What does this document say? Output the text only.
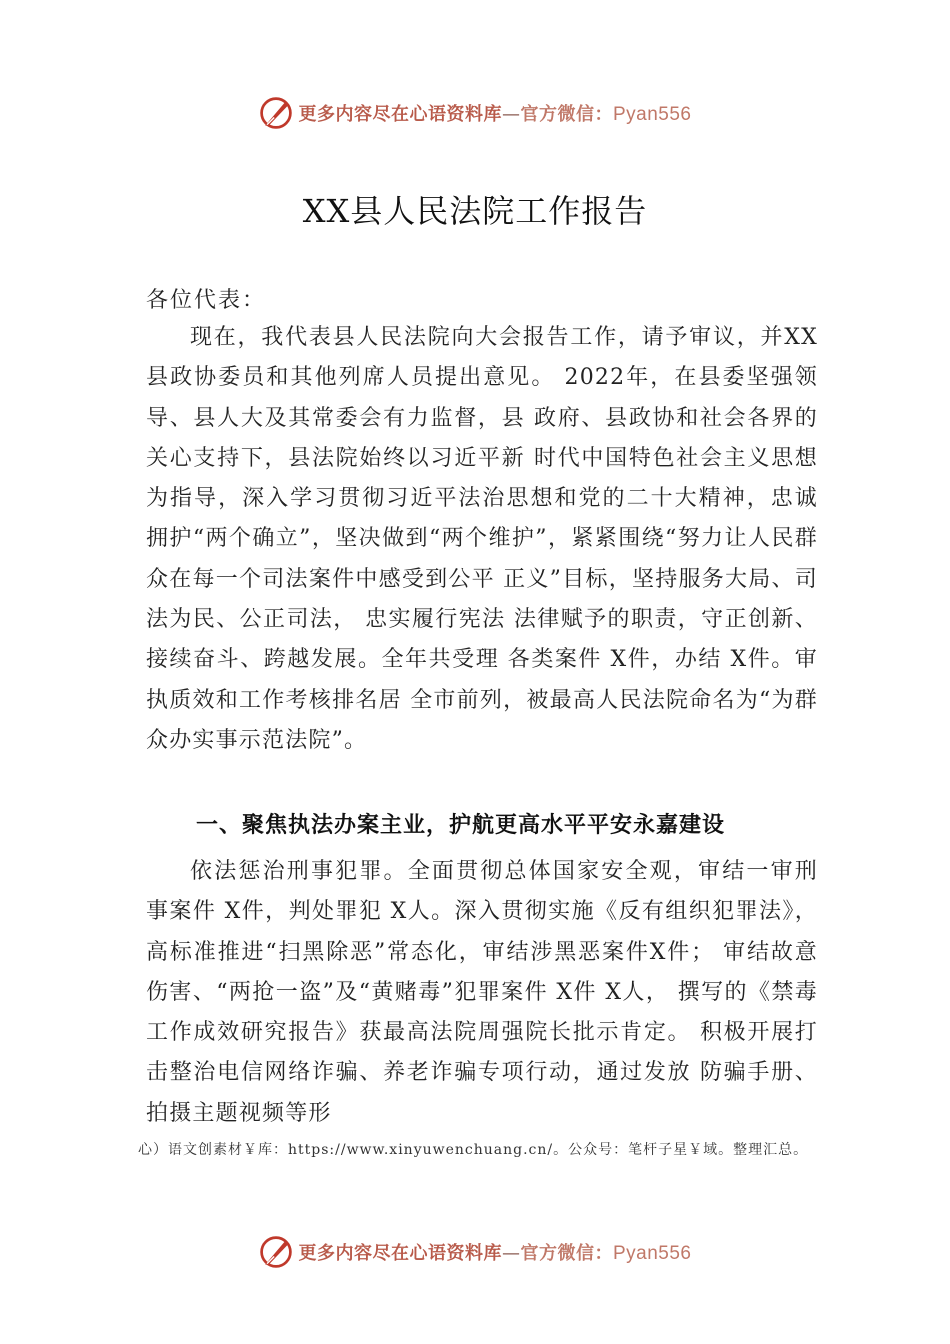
更多内容尽在心语资料库—官方微信：Pyan556
XX县人民法院工作报告
各位代表：

现在，我代表县人民法院向大会报告工作，请予审议，并XX县政协委员和其他列席人员提出意见。 2022年，在县委坚强领导、县人大及其常委会有力监督，县 政府、县政协和社会各界的关心支持下，县法院始终以习近平新 时代中国特色社会主义思想为指导，深入学习贯彻习近平法治思想和党的二十大精神，忠诚拥护“两个确立”，坚决做到“两个维护”，紧紧围绕“努力让人民群众在每一个司法案件中感受到公平 正义”目标，坚持服务大局、司法为民、公正司法， 忠实履行宪法 法律赋予的职责，守正创新、接续奋斗、跨越发展。全年共受理 各类案件 X件，办结 X件。审执质效和工作考核排名居 全市前列，被最高人民法院命名为“为群众办实事示范法院”。

一、聚焦执法办案主业，护航更高水平平安永嘉建设

依法惩治刑事犯罪。全面贯彻总体国家安全观，审结一审刑 事案件 X件，判处罪犯 X人。深入贯彻实施《反有组织犯罪法》，高标准推进“扫黑除恶”常态化，审结涉黑恶案件X件； 审结故意伤害、“两抢一盗”及“黄赌毒”犯罪案件 X件 X人， 撰写的《禁毒工作成效研究报告》获最高法院周强院长批示肯定。 积极开展打击整治电信网络诈骗、养老诈骗专项行动，通过发放 防骗手册、拍摄主题视频等形

心）语文创素材￥库：https://www.xinyuwenchuang.cn/。公众号：笔杆子星￥域。整理汇总。

更多内容尽在心语资料库—官方微信：Pyan556
